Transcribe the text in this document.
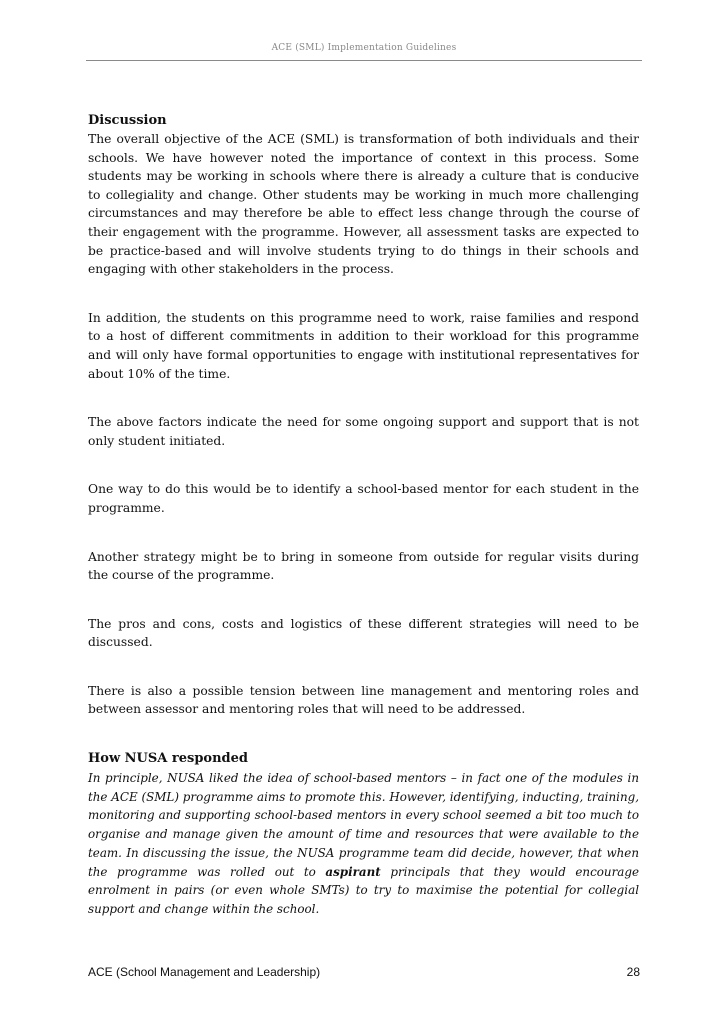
ACE (SML) Implementation Guidelines
Discussion

The overall objective of the ACE (SML) is transformation of both individuals and their schools. We have however noted the importance of context in this process. Some students may be working in schools where there is already a culture that is conducive to collegiality and change. Other students may be working in much more challenging circumstances and may therefore be able to effect less change through the course of their engagement with the programme. However, all assessment tasks are expected to be practice-based and will involve students trying to do things in their schools and engaging with other stakeholders in the process.

In addition, the students on this programme need to work, raise families and respond to a host of different commitments in addition to their workload for this programme and will only have formal opportunities to engage with institutional representatives for about 10% of the time.

The above factors indicate the need for some ongoing support and support that is not only student initiated.

One way to do this would be to identify a school-based mentor for each student in the programme.

Another strategy might be to bring in someone from outside for regular visits during the course of the programme.

The pros and cons, costs and logistics of these different strategies will need to be discussed.

There is also a possible tension between line management and mentoring roles and between assessor and mentoring roles that will need to be addressed.

How NUSA responded

In principle, NUSA liked the idea of school-based mentors – in fact one of the modules in the ACE (SML) programme aims to promote this. However, identifying, inducting, training, monitoring and supporting school-based mentors in every school seemed a bit too much to organise and manage given the amount of time and resources that were available to the team. In discussing the issue, the NUSA programme team did decide, however, that when the programme was rolled out to aspirant principals that they would encourage enrolment in pairs (or even whole SMTs) to try to maximise the potential for collegial support and change within the school.

ACE (School Management and Leadership)	28
